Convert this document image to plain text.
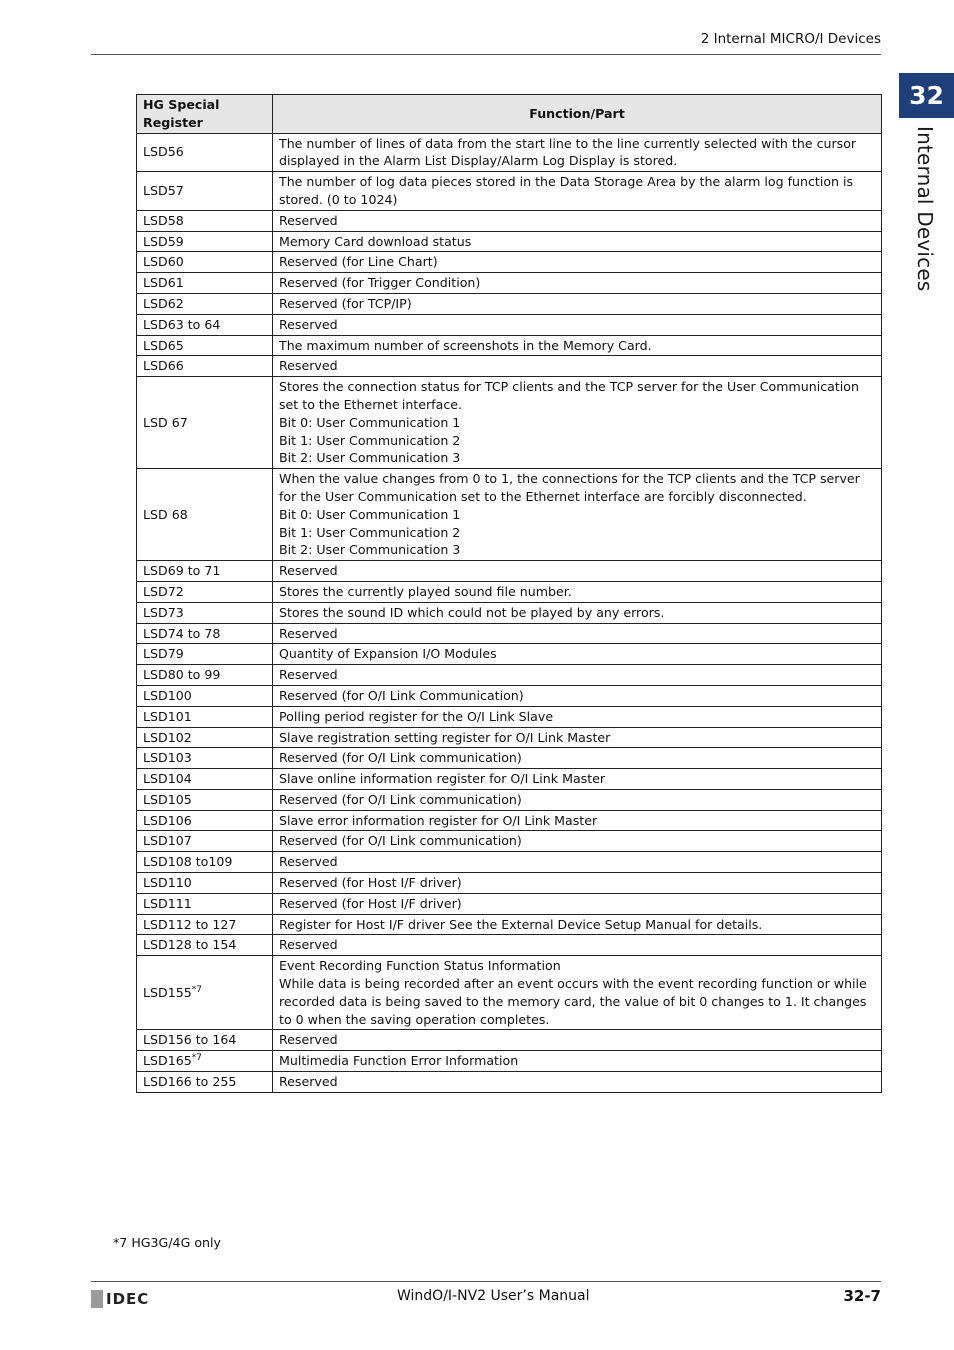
2 Internal MICRO/I Devices
32
Internal Devices
HG Special Register	Function/Part
LSD56	The number of lines of data from the start line to the line currently selected with the cursor displayed in the Alarm List Display/Alarm Log Display is stored.

LSD57	The number of log data pieces stored in the Data Storage Area by the alarm log function is stored. (0 to 1024)

LSD58	Reserved

LSD59	Memory Card download status

LSD60	Reserved (for Line Chart)

LSD61	Reserved (for Trigger Condition)

LSD62	Reserved (for TCP/IP)

LSD63 to 64	Reserved

LSD65	The maximum number of screenshots in the Memory Card.

LSD66	Reserved

LSD 67	Stores the connection status for TCP clients and the TCP server for the User Communication set to the Ethernet interface.
Bit 0: User Communication 1
Bit 1: User Communication 2
Bit 2: User Communication 3

LSD 68	When the value changes from 0 to 1, the connections for the TCP clients and the TCP server for the User Communication set to the Ethernet interface are forcibly disconnected.
Bit 0: User Communication 1
Bit 1: User Communication 2
Bit 2: User Communication 3

LSD69 to 71	Reserved

LSD72	Stores the currently played sound file number.

LSD73	Stores the sound ID which could not be played by any errors.

LSD74 to 78	Reserved

LSD79	Quantity of Expansion I/O Modules

LSD80 to 99	Reserved

LSD100	Reserved (for O/I Link Communication)

LSD101	Polling period register for the O/I Link Slave

LSD102	Slave registration setting register for O/I Link Master

LSD103	Reserved (for O/I Link communication)

LSD104	Slave online information register for O/I Link Master

LSD105	Reserved (for O/I Link communication)

LSD106	Slave error information register for O/I Link Master

LSD107	Reserved (for O/I Link communication)

LSD108 to109	Reserved

LSD110	Reserved (for Host I/F driver)

LSD111	Reserved (for Host I/F driver)

LSD112 to 127	Register for Host I/F driver See the External Device Setup Manual for details.

LSD128 to 154	Reserved

LSD155$^{*7}$	Event Recording Function Status Information
While data is being recorded after an event occurs with the event recording function or while recorded data is being saved to the memory card, the value of bit 0 changes to 1. It changes to 0 when the saving operation completes.

LSD156 to 164	Reserved

LSD165$^{*7}$	Multimedia Function Error Information

LSD166 to 255	Reserved
*7 HG3G/4G only
IDEC	WindO/I-NV2 User’s Manual	32-7
